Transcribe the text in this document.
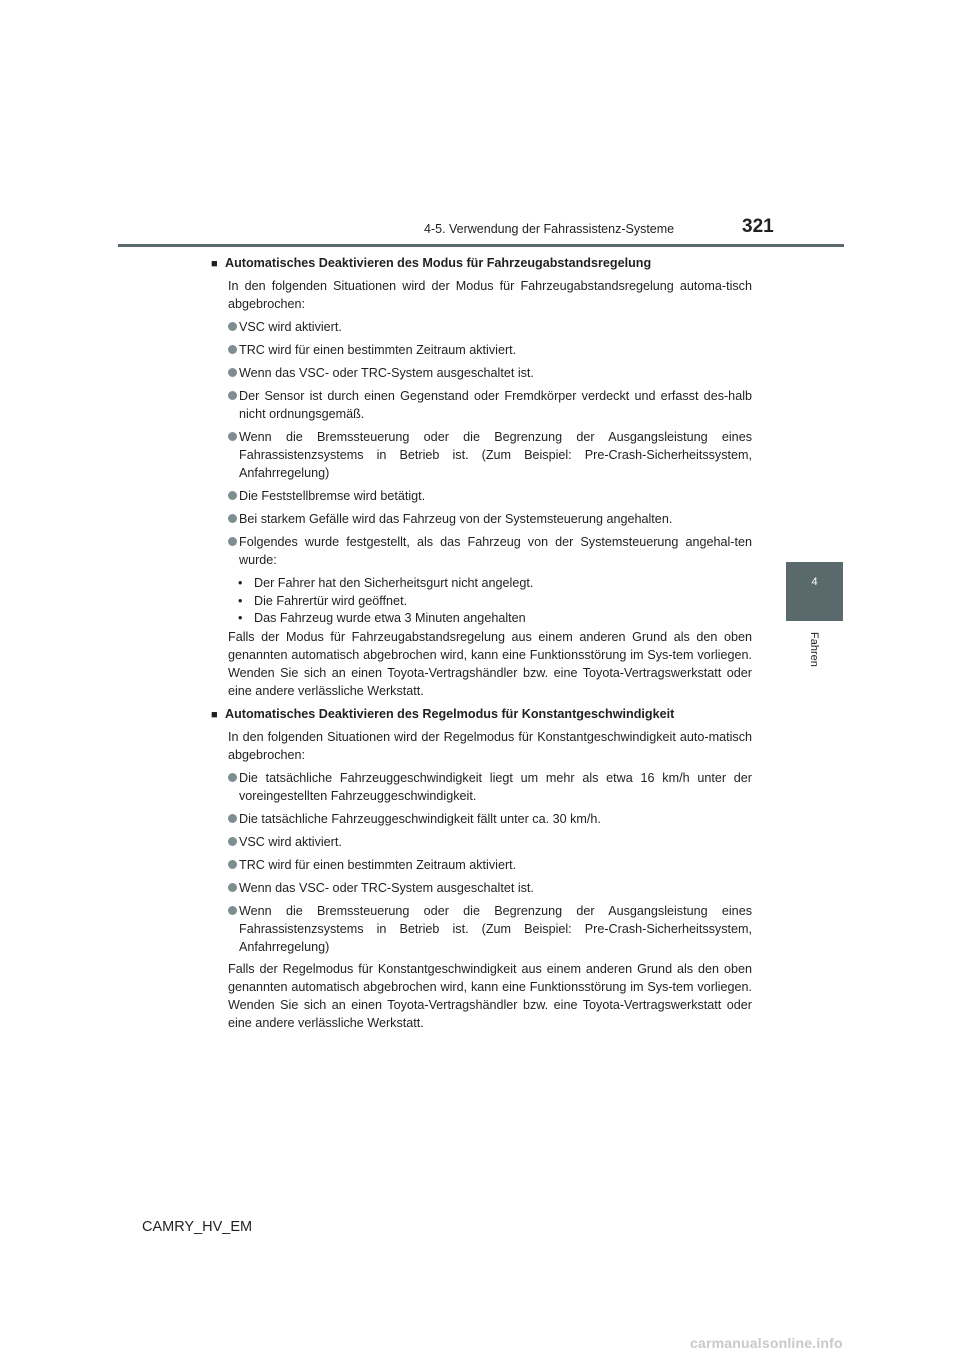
4-5. Verwendung der Fahrassistenz-Systeme	321
4
Fahren

■ Automatisches Deaktivieren des Modus für Fahrzeugabstandsregelung

In den folgenden Situationen wird der Modus für Fahrzeugabstandsregelung automa-tisch abgebrochen:

VSC wird aktiviert.
TRC wird für einen bestimmten Zeitraum aktiviert.
Wenn das VSC- oder TRC-System ausgeschaltet ist.
Der Sensor ist durch einen Gegenstand oder Fremdkörper verdeckt und erfasst des-halb nicht ordnungsgemäß.
Wenn die Bremssteuerung oder die Begrenzung der Ausgangsleistung eines Fahrassistenzsystems in Betrieb ist. (Zum Beispiel: Pre-Crash-Sicherheitssystem, Anfahrregelung)
Die Feststellbremse wird betätigt.
Bei starkem Gefälle wird das Fahrzeug von der Systemsteuerung angehalten.
Folgendes wurde festgestellt, als das Fahrzeug von der Systemsteuerung angehal-ten wurde:
• Der Fahrer hat den Sicherheitsgurt nicht angelegt.
• Die Fahrertür wird geöffnet.
• Das Fahrzeug wurde etwa 3 Minuten angehalten

Falls der Modus für Fahrzeugabstandsregelung aus einem anderen Grund als den oben genannten automatisch abgebrochen wird, kann eine Funktionsstörung im Sys-tem vorliegen. Wenden Sie sich an einen Toyota-Vertragshändler bzw. eine Toyota-Vertragswerkstatt oder eine andere verlässliche Werkstatt.

■ Automatisches Deaktivieren des Regelmodus für Konstantgeschwindigkeit

In den folgenden Situationen wird der Regelmodus für Konstantgeschwindigkeit auto-matisch abgebrochen:

Die tatsächliche Fahrzeuggeschwindigkeit liegt um mehr als etwa 16 km/h unter der voreingestellten Fahrzeuggeschwindigkeit.
Die tatsächliche Fahrzeuggeschwindigkeit fällt unter ca. 30 km/h.
VSC wird aktiviert.
TRC wird für einen bestimmten Zeitraum aktiviert.
Wenn das VSC- oder TRC-System ausgeschaltet ist.
Wenn die Bremssteuerung oder die Begrenzung der Ausgangsleistung eines Fahrassistenzsystems in Betrieb ist. (Zum Beispiel: Pre-Crash-Sicherheitssystem, Anfahrregelung)

Falls der Regelmodus für Konstantgeschwindigkeit aus einem anderen Grund als den oben genannten automatisch abgebrochen wird, kann eine Funktionsstörung im Sys-tem vorliegen. Wenden Sie sich an einen Toyota-Vertragshändler bzw. eine Toyota-Vertragswerkstatt oder eine andere verlässliche Werkstatt.

CAMRY_HV_EM
carmanualsonline.info
